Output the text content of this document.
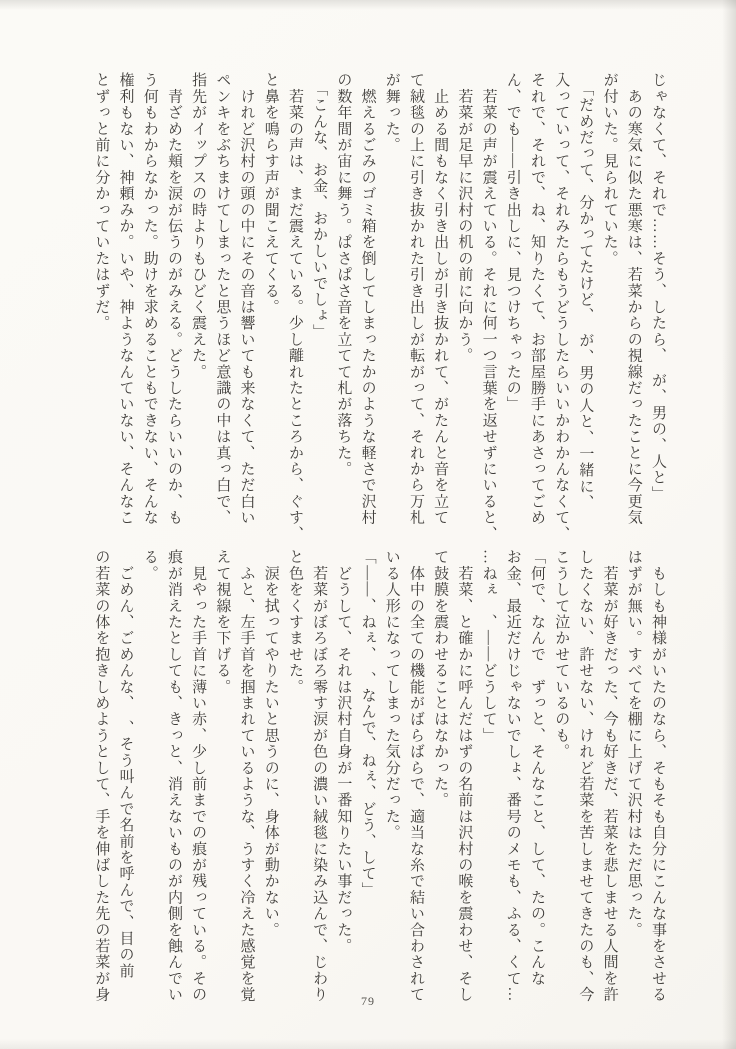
じゃなくて、それで……そう、したら、　が、男の、人と」

　あの寒気に似た悪寒は、若菜からの視線だったことに今更気

が付いた。見られていた。

　「だめだって、分かってたけど、　が、男の人と、一緒に、

入っていって、それみたらもうどうしたらいいかわかんなくて、

それで、それで、ね、知りたくて、お部屋勝手にあさってごめ

ん、でも――引き出しに、見つけちゃったの」

　若菜の声が震えている。それに何一つ言葉を返せずにいると、

　若菜が足早に沢村の机の前に向かう。

　止める間もなく引き出しが引き抜かれて、がたんと音を立て

て絨毯の上に引き抜かれた引き出しが転がって、それから万札

が舞った。

　燃えるごみのゴミ箱を倒してしまったかのような軽さで沢村

の数年間が宙に舞う。ぱさぱさ音を立てて札が落ちた。

　「こんな、お金、おかしいでしょ」

　若菜の声は、まだ震えている。少し離れたところから、ぐす、

と鼻を鳴らす声が聞こえてくる。

　けれど沢村の頭の中にその音は響いても来なくて、ただ白い

ペンキをぶちまけてしまったと思うほど意識の中は真っ白で、

指先がイップスの時よりもひどく震えた。

　青ざめた頬を涙が伝うのがみえる。どうしたらいいのか、も

う何もわからなかった。助けを求めることもできない、そんな

権利もない、神頼みか。いや、神ようなんていない、そんなこ

とずっと前に分かっていたはずだ。

　もしも神様がいたのなら、そもそも自分にこんな事をさせる

はずが無い。すべてを棚に上げて沢村はただ思った。

　若菜が好きだった、今も好きだ、若菜を悲しませる人間を許

したくない、許せない、けれど若菜を苦しませてきたのも、今

こうして泣かせているのも。

「何で、なんで　ずっと、そんなこと、して、たの。こんな

お金、最近だけじゃないでしょ、番号のメモも、ふる、くて…

…ねぇ　、――どうして」

　若菜、と確かに呼んだはずの名前は沢村の喉を震わせ、そし

て鼓膜を震わせることはなかった。

　体中の全ての機能がばらばらで、適当な糸で結い合わされて

いる人形になってしまった気分だった。

「――、ねぇ、　、なんで、ねぇ、どう、して」

　どうして、それは沢村自身が一番知りたい事だった。

　若菜がぼろぼろ零す涙が色の濃い絨毯に染み込んで、じわり

と色をくすませた。

　涙を拭ってやりたいと思うのに、身体が動かない。

　ふと、左手首を掴まれているような、うすく冷えた感覚を覚

えて視線を下げる。

　見やった手首に薄い赤、少し前までの痕が残っている。その

痕が消えたとしても、きっと、消えないものが内側を蝕んでい

る。

　ごめん、ごめんな、　、そう叫んで名前を呼んで、目の前

の若菜の体を抱きしめようとして、手を伸ばした先の若菜が身	79
